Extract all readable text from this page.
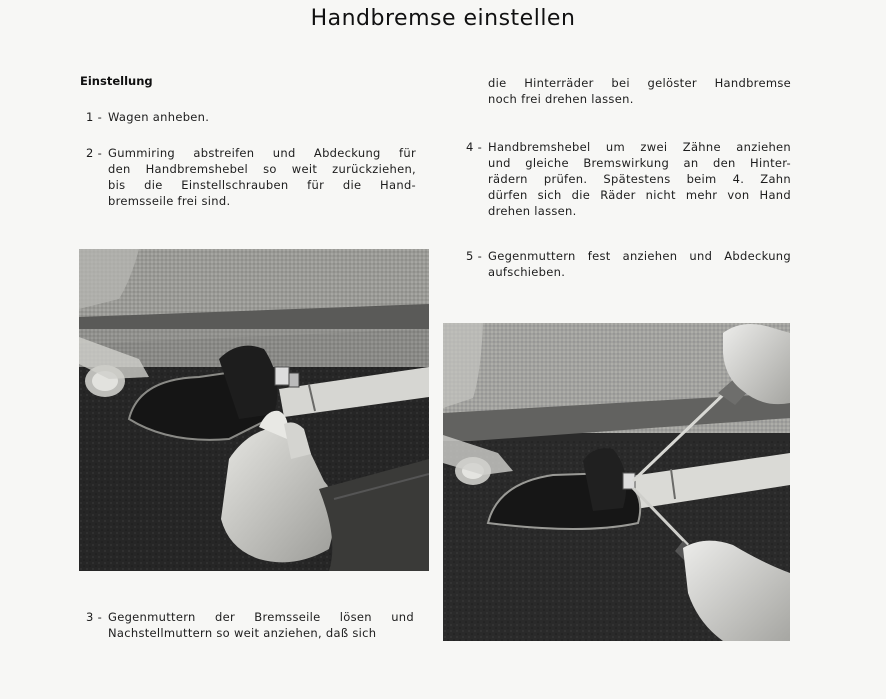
Handbremse einstellen
Einstellung
1 - Wagen anheben.
2 - Gummiring abstreifen und Abdeckung für
den Handbremshebel so weit zurückziehen,
bis die Einstellschrauben für die Hand-
bremsseile frei sind.
3 - Gegenmuttern der Bremsseile lösen und
Nachstellmuttern so weit anziehen, daß sich
die Hinterräder bei gelöster Handbremse
noch frei drehen lassen.
4 - Handbremshebel um zwei Zähne anziehen
und gleiche Bremswirkung an den Hinter-
rädern prüfen. Spätestens beim 4. Zahn
dürfen sich die Räder nicht mehr von Hand
drehen lassen.
5 - Gegenmuttern fest anziehen und Abdeckung
aufschieben.
